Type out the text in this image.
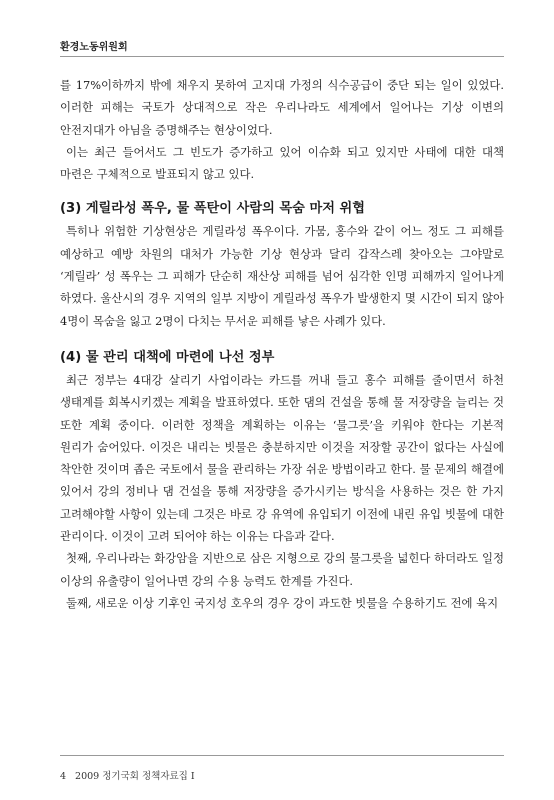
환경노동위원회

를 17%이하까지 밖에 채우지 못하여 고지대 가정의 식수공급이 중단 되는 일이 있었다. 이러한 피해는 국토가 상대적으로 작은 우리나라도 세계에서 일어나는 기상 이변의 안전지대가 아님을 증명해주는 현상이었다.

이는 최근 들어서도 그 빈도가 증가하고 있어 이슈화 되고 있지만 사태에 대한 대책 마련은 구체적으로 발표되지 않고 있다.

(3) 게릴라성 폭우, 물 폭탄이 사람의 목숨 마저 위협

특히나 위험한 기상현상은 게릴라성 폭우이다. 가뭄, 홍수와 같이 어느 정도 그 피해를 예상하고 예방 차원의 대처가 가능한 기상 현상과 달리 갑작스레 찾아오는 그야말로 ‘게릴라’ 성 폭우는 그 피해가 단순히 재산상 피해를 넘어 심각한 인명 피해까지 일어나게 하였다. 울산시의 경우 지역의 일부 지방이 게릴라성 폭우가 발생한지 몇 시간이 되지 않아 4명이 목숨을 잃고 2명이 다치는 무서운 피해를 낳은 사례가 있다.

(4) 물 관리 대책에 마련에 나선 정부

최근 정부는 4대강 살리기 사업이라는 카드를 꺼내 들고 홍수 피해를 줄이면서 하천 생태계를 회복시키겠는 계획을 발표하였다. 또한 댐의 건설을 통해 물 저장량을 늘리는 것 또한 계획 중이다. 이러한 정책을 계획하는 이유는 ‘물그릇’을 키워야 한다는 기본적 원리가 숨어있다. 이것은 내리는 빗물은 충분하지만 이것을 저장할 공간이 없다는 사실에 착안한 것이며 좁은 국토에서 물을 관리하는 가장 쉬운 방법이라고 한다. 물 문제의 해결에 있어서 강의 정비나 댐 건설을 통해 저장량을 증가시키는 방식을 사용하는 것은 한 가지 고려해야할 사항이 있는데 그것은 바로 강 유역에 유입되기 이전에 내린 유입 빗물에 대한 관리이다. 이것이 고려 되어야 하는 이유는 다음과 같다.

첫째, 우리나라는 화강암을 지반으로 삼은 지형으로 강의 물그릇을 넓힌다 하더라도 일정 이상의 유출량이 일어나면 강의 수용 능력도 한계를 가진다.

둘째, 새로운 이상 기후인 국지성 호우의 경우 강이 과도한 빗물을 수용하기도 전에 육지

4 2009 정기국회 정책자료집 I
